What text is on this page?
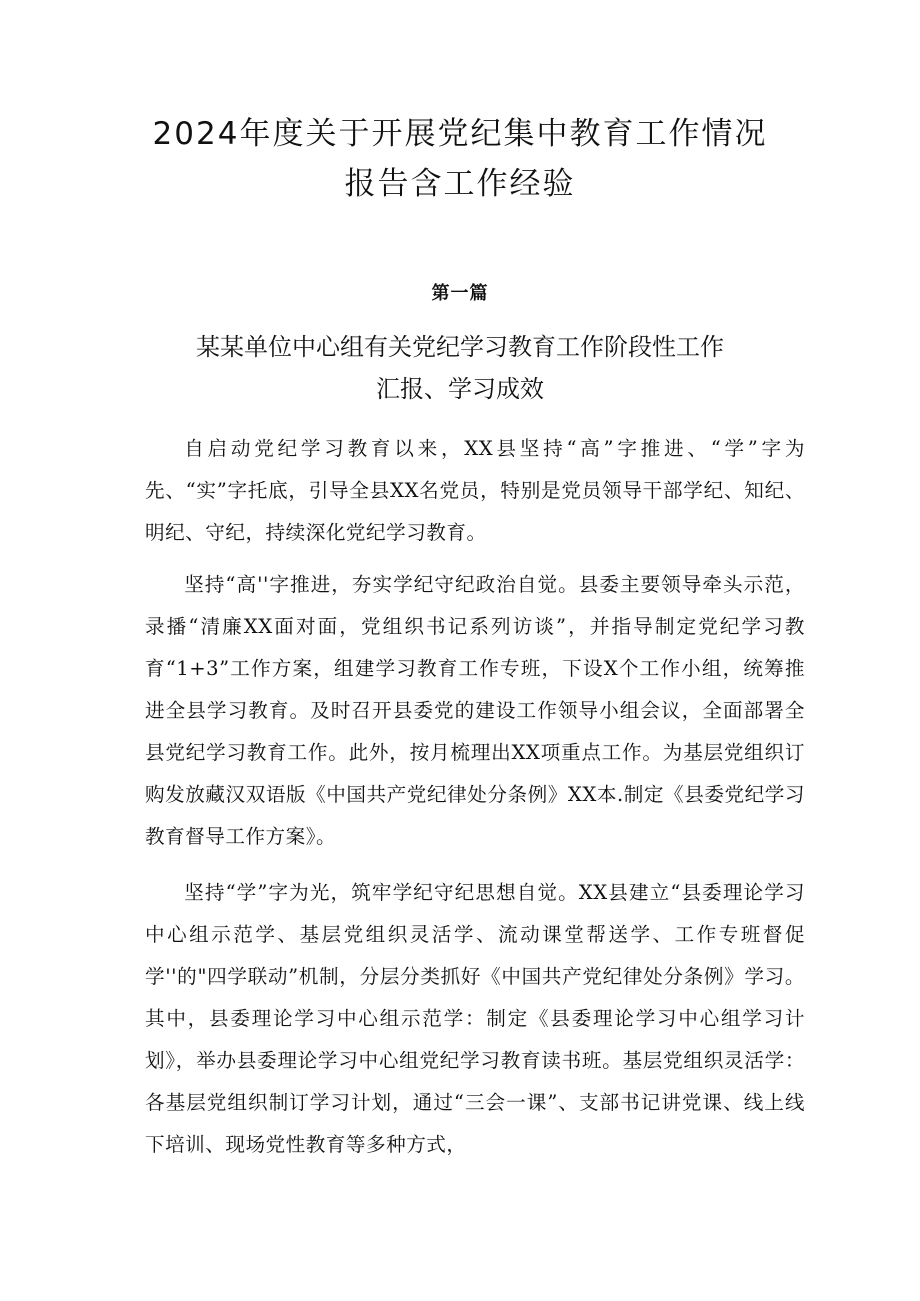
2024年度关于开展党纪集中教育工作情况
报告含工作经验
第一篇
某某单位中心组有关党纪学习教育工作阶段性工作
汇报、学习成效

自启动党纪学习教育以来，XX县坚持“高”字推进、“学”字为先、“实”字托底，引导全县XX名党员，特别是党员领导干部学纪、知纪、明纪、守纪，持续深化党纪学习教育。

坚持“高''字推进，夯实学纪守纪政治自觉。县委主要领导牵头示范，录播“清廉XX面对面，党组织书记系列访谈”，并指导制定党纪学习教育“1+3”工作方案，组建学习教育工作专班，下设X个工作小组，统筹推进全县学习教育。及时召开县委党的建设工作领导小组会议，全面部署全县党纪学习教育工作。此外，按月梳理出XX项重点工作。为基层党组织订购发放藏汉双语版《中国共产党纪律处分条例》XX本.制定《县委党纪学习教育督导工作方案》。

坚持“学”字为光，筑牢学纪守纪思想自觉。XX县建立“县委理论学习中心组示范学、基层党组织灵活学、流动课堂帮送学、工作专班督促学''的"四学联动”机制，分层分类抓好《中国共产党纪律处分条例》学习。其中，县委理论学习中心组示范学：制定《县委理论学习中心组学习计划》，举办县委理论学习中心组党纪学习教育读书班。基层党组织灵活学：各基层党组织制订学习计划，通过“三会一课”、支部书记讲党课、线上线下培训、现场党性教育等多种方式，
